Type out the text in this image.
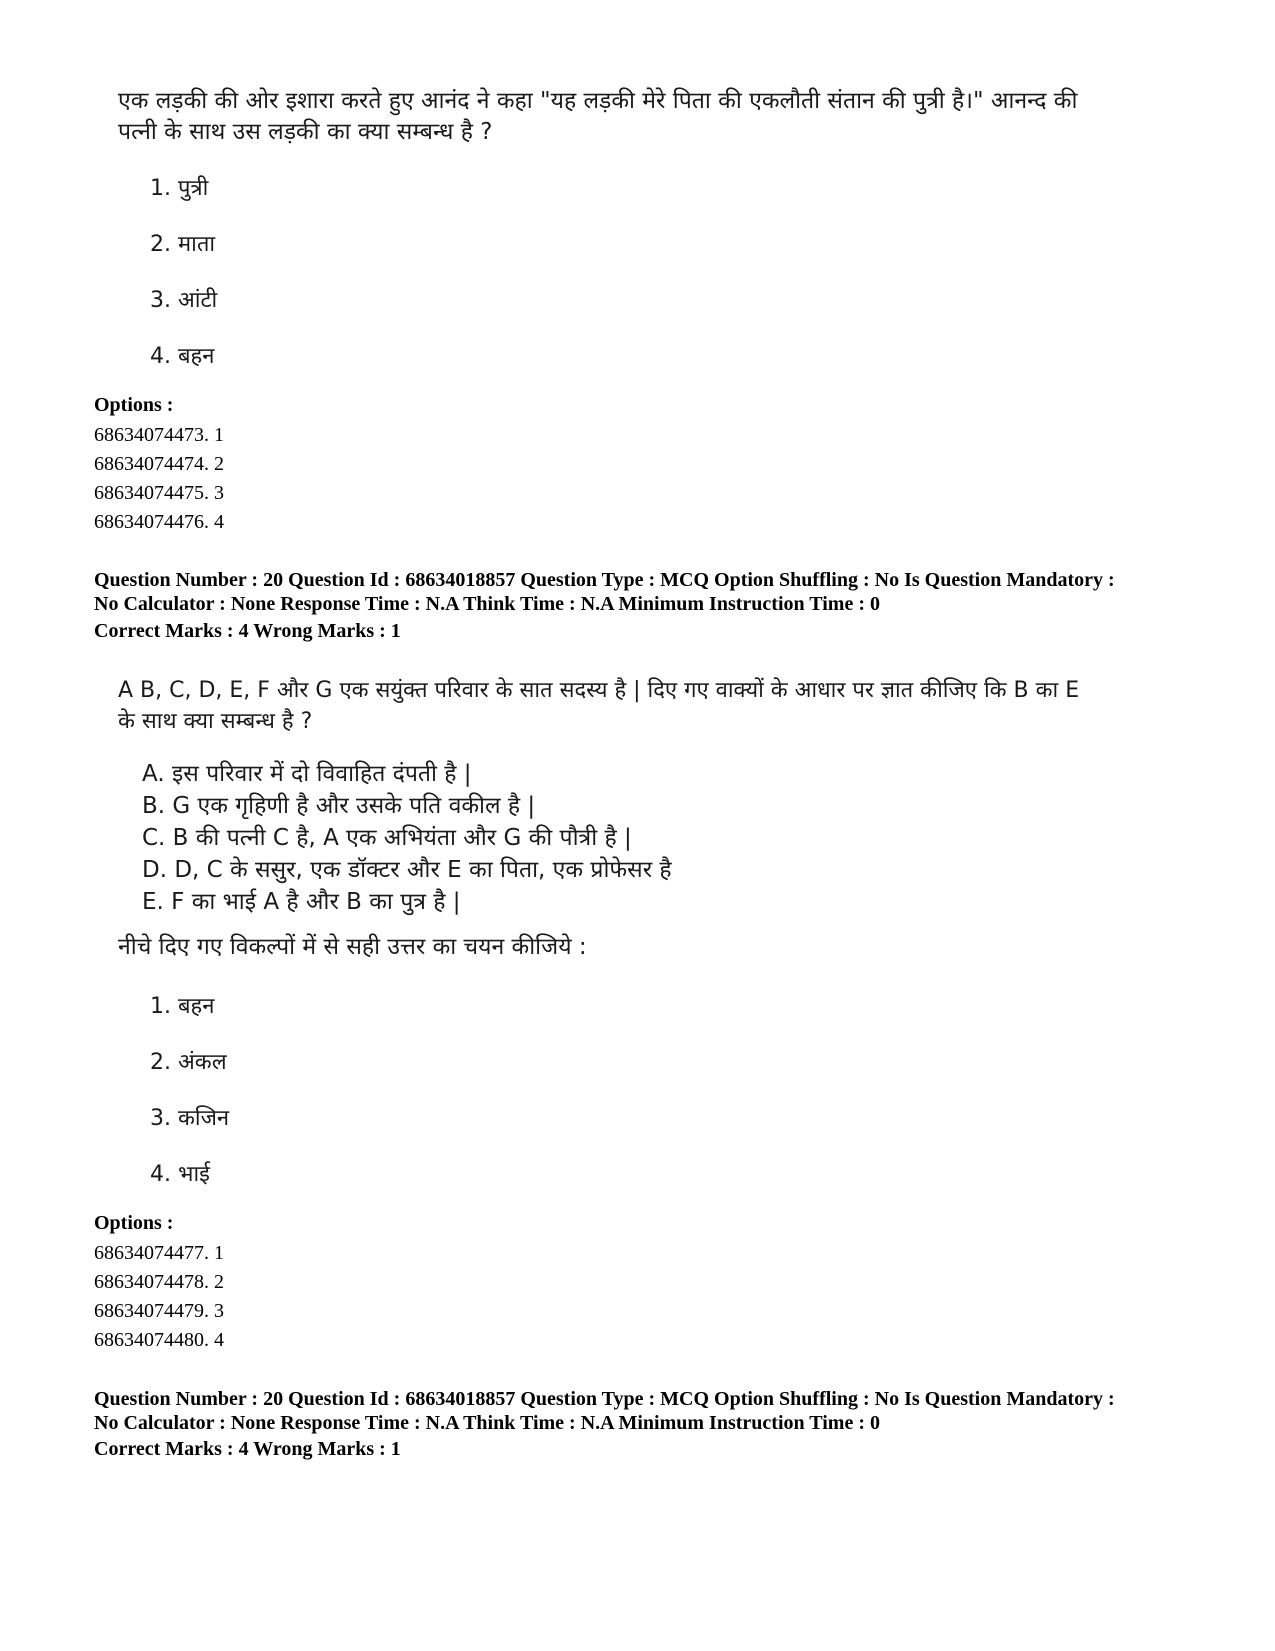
एक लड़की की ओर इशारा करते हुए आनंद ने कहा "यह लड़की मेरे पिता की एकलौती संतान की पुत्री है।" आनन्द की
पत्नी के साथ उस लड़की का क्या सम्बन्ध है ?
1. पुत्री
2. माता
3. आंटी
4. बहन
Options :
68634074473. 1
68634074474. 2
68634074475. 3
68634074476. 4
Question Number : 20 Question Id : 68634018857 Question Type : MCQ Option Shuffling : No Is Question Mandatory :
No Calculator : None Response Time : N.A Think Time : N.A Minimum Instruction Time : 0
Correct Marks : 4 Wrong Marks : 1
A B, C, D, E, F और G एक सयुंक्त परिवार के सात सदस्य है | दिए गए वाक्यों के आधार पर ज्ञात कीजिए कि B का E
के साथ क्या सम्बन्ध है ?
A. इस परिवार में दो विवाहित दंपती है |
B. G एक गृहिणी है और उसके पति वकील है |
C. B की पत्नी C है, A एक अभियंता और G की पौत्री है |
D. D, C के ससुर, एक डॉक्टर और E का पिता, एक प्रोफेसर है
E. F का भाई A है और B का पुत्र है |
नीचे दिए गए विकल्पों में से सही उत्तर का चयन कीजिये :
1. बहन
2. अंकल
3. कजिन
4. भाई
Options :
68634074477. 1
68634074478. 2
68634074479. 3
68634074480. 4
Question Number : 20 Question Id : 68634018857 Question Type : MCQ Option Shuffling : No Is Question Mandatory :
No Calculator : None Response Time : N.A Think Time : N.A Minimum Instruction Time : 0
Correct Marks : 4 Wrong Marks : 1
